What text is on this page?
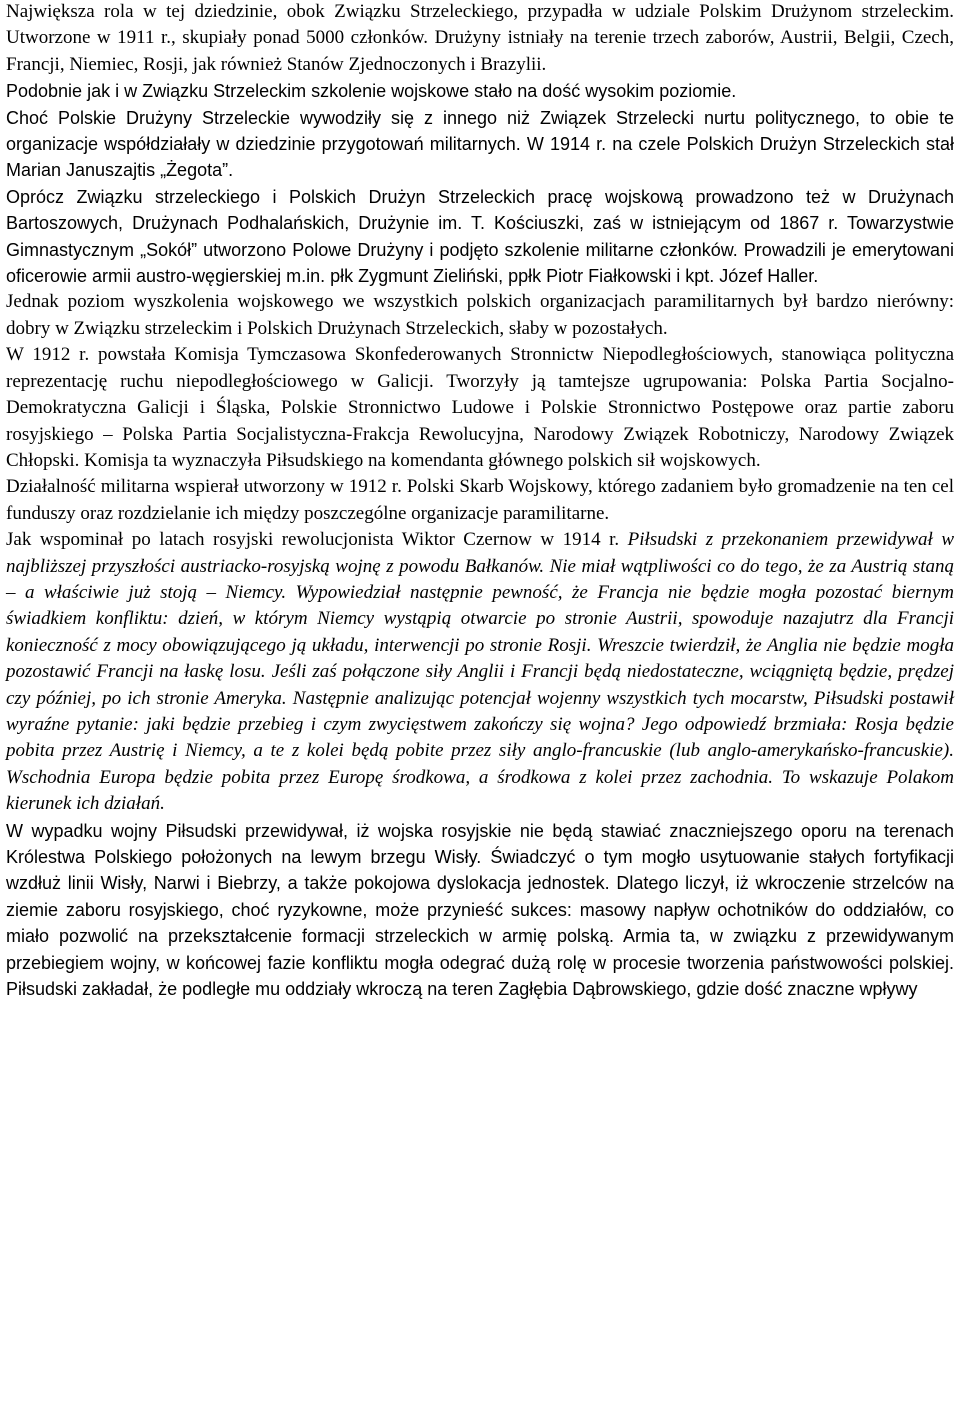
Największa rola w tej dziedzinie, obok Związku Strzeleckiego, przypadła w udziale Polskim Drużynom strzeleckim. Utworzone w 1911 r., skupiały ponad 5000 członków. Drużyny istniały na terenie trzech zaborów, Austrii, Belgii, Czech, Francji, Niemiec, Rosji, jak również Stanów Zjednoczonych i Brazylii.

Podobnie jak i w Związku Strzeleckim szkolenie wojskowe stało na dość wysokim poziomie.

Choć Polskie Drużyny Strzeleckie wywodziły się z innego niż Związek Strzelecki nurtu politycznego, to obie te organizacje współdziałały w dziedzinie przygotowań militarnych. W 1914 r. na czele Polskich Drużyn Strzeleckich stał Marian Januszajtis „Żegota”.

Oprócz Związku strzeleckiego i Polskich Drużyn Strzeleckich pracę wojskową prowadzono też w Drużynach Bartoszowych, Drużynach Podhalańskich, Drużynie im. T. Kościuszki, zaś w istniejącym od 1867 r. Towarzystwie Gimnastycznym „Sokół” utworzono Polowe Drużyny i podjęto szkolenie militarne członków. Prowadzili je emerytowani oficerowie armii austro-węgierskiej m.in. płk Zygmunt Zieliński, ppłk Piotr Fiałkowski i kpt. Józef Haller.

Jednak poziom wyszkolenia wojskowego we wszystkich polskich organizacjach paramilitarnych był bardzo nierówny: dobry w Związku strzeleckim i Polskich Drużynach Strzeleckich, słaby w pozostałych.

W 1912 r. powstała Komisja Tymczasowa Skonfederowanych Stronnictw Niepodległościowych, stanowiąca polityczna reprezentację ruchu niepodległościowego w Galicji. Tworzyły ją tamtejsze ugrupowania: Polska Partia Socjalno-Demokratyczna Galicji i Śląska, Polskie Stronnictwo Ludowe i Polskie Stronnictwo Postępowe oraz partie zaboru rosyjskiego – Polska Partia Socjalistyczna-Frakcja Rewolucyjna, Narodowy Związek Robotniczy, Narodowy Związek Chłopski. Komisja ta wyznaczyła Piłsudskiego na komendanta głównego polskich sił wojskowych.

Działalność militarna wspierał utworzony w 1912 r. Polski Skarb Wojskowy, którego zadaniem było gromadzenie na ten cel funduszy oraz rozdzielanie ich między poszczególne organizacje paramilitarne.

Jak wspominał po latach rosyjski rewolucjonista Wiktor Czernow w 1914 r. Piłsudski z przekonaniem przewidywał w najbliższej przyszłości austriacko-rosyjską wojnę z powodu Bałkanów. Nie miał wątpliwości co do tego, że za Austrią staną – a właściwie już stoją – Niemcy. Wypowiedział następnie pewność, że Francja nie będzie mogła pozostać biernym świadkiem konfliktu: dzień, w którym Niemcy wystąpią otwarcie po stronie Austrii, spowoduje nazajutrz dla Francji konieczność z mocy obowiązującego ją układu, interwencji po stronie Rosji. Wreszcie twierdził, że Anglia nie będzie mogła pozostawić Francji na łaskę losu. Jeśli zaś połączone siły Anglii i Francji będą niedostateczne, wciągniętą będzie, prędzej czy później, po ich stronie Ameryka. Następnie analizując potencjał wojenny wszystkich tych mocarstw, Piłsudski postawił wyraźne pytanie: jaki będzie przebieg i czym zwycięstwem zakończy się wojna? Jego odpowiedź brzmiała: Rosja będzie pobita przez Austrię i Niemcy, a te z kolei będą pobite przez siły anglo-francuskie (lub anglo-amerykańsko-francuskie). Wschodnia Europa będzie pobita przez Europę środkowa, a środkowa z kolei przez zachodnia. To wskazuje Polakom kierunek ich działań.

W wypadku wojny Piłsudski przewidywał, iż wojska rosyjskie nie będą stawiać znaczniejszego oporu na terenach Królestwa Polskiego położonych na lewym brzegu Wisły. Świadczyć o tym mogło usytuowanie stałych fortyfikacji wzdłuż linii Wisły, Narwi i Biebrzy, a także pokojowa dyslokacja jednostek. Dlatego liczył, iż wkroczenie strzelców na ziemie zaboru rosyjskiego, choć ryzykowne, może przynieść sukces: masowy napływ ochotników do oddziałów, co miało pozwolić na przekształcenie formacji strzeleckich w armię polską. Armia ta, w związku z przewidywanym przebiegiem wojny, w końcowej fazie konfliktu mogła odegrać dużą rolę w procesie tworzenia państwowości polskiej. Piłsudski zakładał, że podległe mu oddziały wkroczą na teren Zagłębia Dąbrowskiego, gdzie dość znaczne wpływy
